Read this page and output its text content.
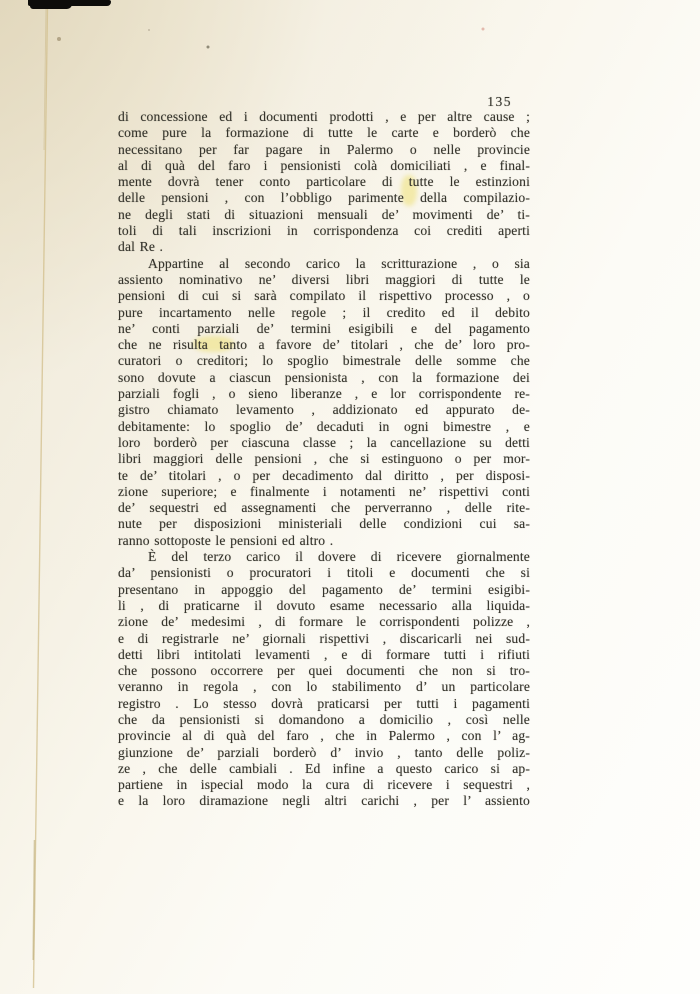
135
di concessione ed i documenti prodotti , e per altre cause ;
come pure la formazione di tutte le carte e borderò che
necessitano per far pagare in Palermo o nelle provincie
al di quà del faro i pensionisti colà domiciliati , e final-
mente dovrà tener conto particolare di tutte le estinzioni
delle pensioni , con l’obbligo parimente della compilazio-
ne degli stati di situazioni mensuali de’ movimenti de’ ti-
toli di tali inscrizioni in corrispondenza coi crediti aperti
dal Re .
Appartine al secondo carico la scritturazione , o sia
assiento nominativo ne’ diversi libri maggiori di tutte le
pensioni di cui si sarà compilato il rispettivo processo , o
pure incartamento nelle regole ; il credito ed il debito
ne’ conti parziali de’ termini esigibili e del pagamento
che ne risulta tanto a favore de’ titolari , che de’ loro pro-
curatori o creditori; lo spoglio bimestrale delle somme che
sono dovute a ciascun pensionista , con la formazione dei
parziali fogli , o sieno liberanze , e lor corrispondente re-
gistro chiamato levamento , addizionato ed appurato de-
debitamente: lo spoglio de’ decaduti in ogni bimestre , e
loro borderò per ciascuna classe ; la cancellazione su detti
libri maggiori delle pensioni , che si estinguono o per mor-
te de’ titolari , o per decadimento dal diritto , per disposi-
zione superiore; e finalmente i notamenti ne’ rispettivi conti
de’ sequestri ed assegnamenti che perverranno , delle rite-
nute per disposizioni ministeriali delle condizioni cui sa-
ranno sottoposte le pensioni ed altro .
È del terzo carico il dovere di ricevere giornalmente
da’ pensionisti o procuratori i titoli e documenti che si
presentano in appoggio del pagamento de’ termini esigibi-
li , di praticarne il dovuto esame necessario alla liquida-
zione de’ medesimi , di formare le corrispondenti polizze ,
e di registrarle ne’ giornali rispettivi , discaricarli nei sud-
detti libri intitolati levamenti , e di formare tutti i rifiuti
che possono occorrere per quei documenti che non si tro-
veranno in regola , con lo stabilimento d’ un particolare
registro . Lo stesso dovrà praticarsi per tutti i pagamenti
che da pensionisti si domandono a domicilio , così nelle
provincie al di quà del faro , che in Palermo , con l’ ag-
giunzione de’ parziali borderò d’ invio , tanto delle poliz-
ze , che delle cambiali . Ed infine a questo carico si ap-
partiene in ispecial modo la cura di ricevere i sequestri ,
e la loro diramazione negli altri carichi , per l’ assiento
